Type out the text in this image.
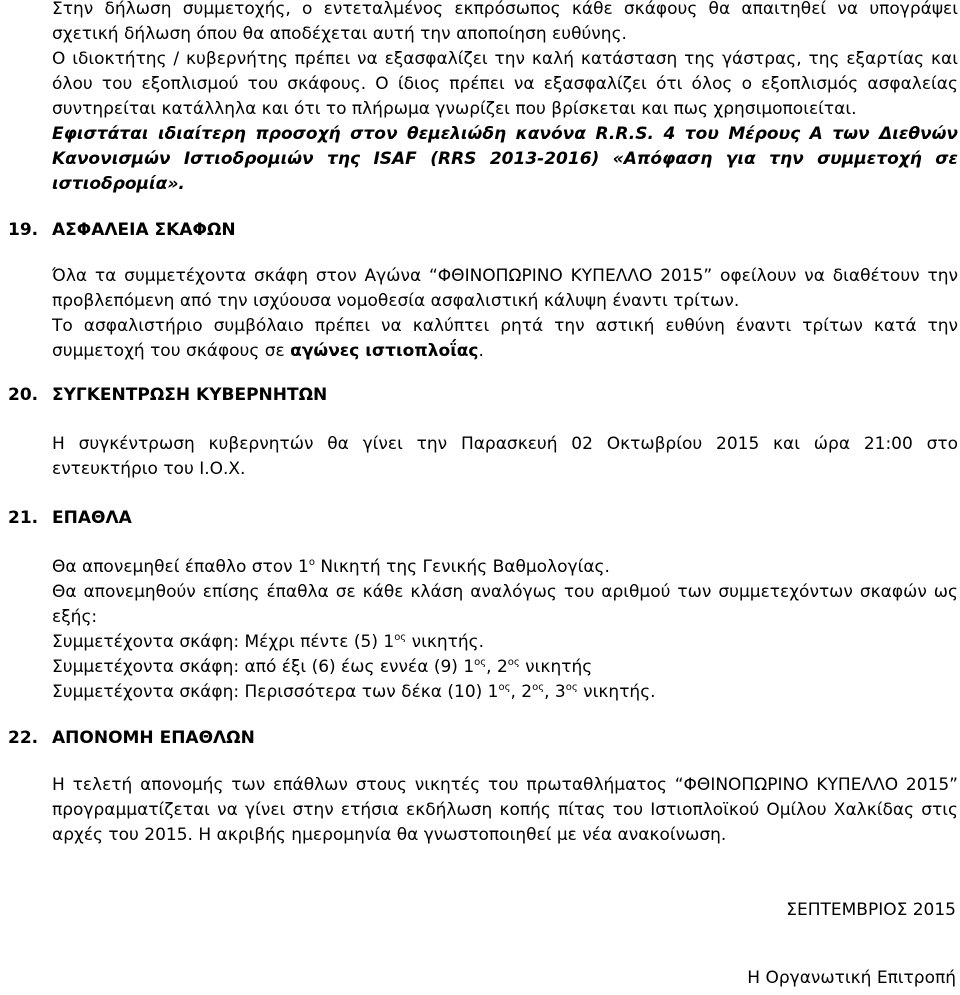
Στην δήλωση συμμετοχής, ο εντεταλμένος εκπρόσωπος κάθε σκάφους θα απαιτηθεί να υπογράψει σχετική δήλωση όπου θα αποδέχεται αυτή την αποποίηση ευθύνης.

Ο ιδιοκτήτης / κυβερνήτης πρέπει να εξασφαλίζει την καλή κατάσταση της γάστρας, της εξαρτίας και όλου του εξοπλισμού του σκάφους. Ο ίδιος πρέπει να εξασφαλίζει ότι όλος ο εξοπλισμός ασφαλείας συντηρείται κατάλληλα και ότι το πλήρωμα γνωρίζει που βρίσκεται και πως χρησιμοποιείται.

Εφιστάται ιδιαίτερη προσοχή στον θεμελιώδη κανόνα R.R.S. 4 του Μέρους Α των Διεθνών Κανονισμών Ιστιοδρομιών της ISAF (RRS 2013-2016) «Απόφαση για την συμμετοχή σε ιστιοδρομία».

19. ΑΣΦΑΛΕΙΑ ΣΚΑΦΩΝ

Όλα τα συμμετέχοντα σκάφη στον Αγώνα “ΦΘΙΝΟΠΩΡΙΝΟ ΚΥΠΕΛΛΟ 2015” οφείλουν να διαθέτουν την προβλεπόμενη από την ισχύουσα νομοθεσία ασφαλιστική κάλυψη έναντι τρίτων.

Το ασφαλιστήριο συμβόλαιο πρέπει να καλύπτει ρητά την αστική ευθύνη έναντι τρίτων κατά την συμμετοχή του σκάφους σε αγώνες ιστιοπλοΐας.

20. ΣΥΓΚΕΝΤΡΩΣΗ ΚΥΒΕΡΝΗΤΩΝ

Η συγκέντρωση κυβερνητών θα γίνει την Παρασκευή 02 Οκτωβρίου 2015 και ώρα 21:00 στο εντευκτήριο του Ι.Ο.Χ.

21. ΕΠΑΘΛΑ

Θα απονεμηθεί έπαθλο στον $1^o$ Νικητή της Γενικής Βαθμολογίας.

Θα απονεμηθούν επίσης έπαθλα σε κάθε κλάση αναλόγως του αριθμού των συμμετεχόντων σκαφών ως εξής:

Συμμετέχοντα σκάφη: Μέχρι πέντε (5) $1^{o\varsigma}$ νικητής.

Συμμετέχοντα σκάφη: από έξι (6) έως εννέα (9) $1^{o\varsigma}$, $2^{o\varsigma}$ νικητής

Συμμετέχοντα σκάφη: Περισσότερα των δέκα (10) $1^{o\varsigma}$, $2^{o\varsigma}$, $3^{o\varsigma}$ νικητής.

22. ΑΠΟΝΟΜΗ ΕΠΑΘΛΩΝ

Η τελετή απονομής των επάθλων στους νικητές του πρωταθλήματος “ΦΘΙΝΟΠΩΡΙΝΟ ΚΥΠΕΛΛΟ 2015” προγραμματίζεται να γίνει στην ετήσια εκδήλωση κοπής πίτας του Ιστιοπλοϊκού Ομίλου Χαλκίδας στις αρχές του 2015. Η ακριβής ημερομηνία θα γνωστοποιηθεί με νέα ανακοίνωση.

ΣΕΠΤΕΜΒΡΙΟΣ 2015
Η Οργανωτική Επιτροπή
